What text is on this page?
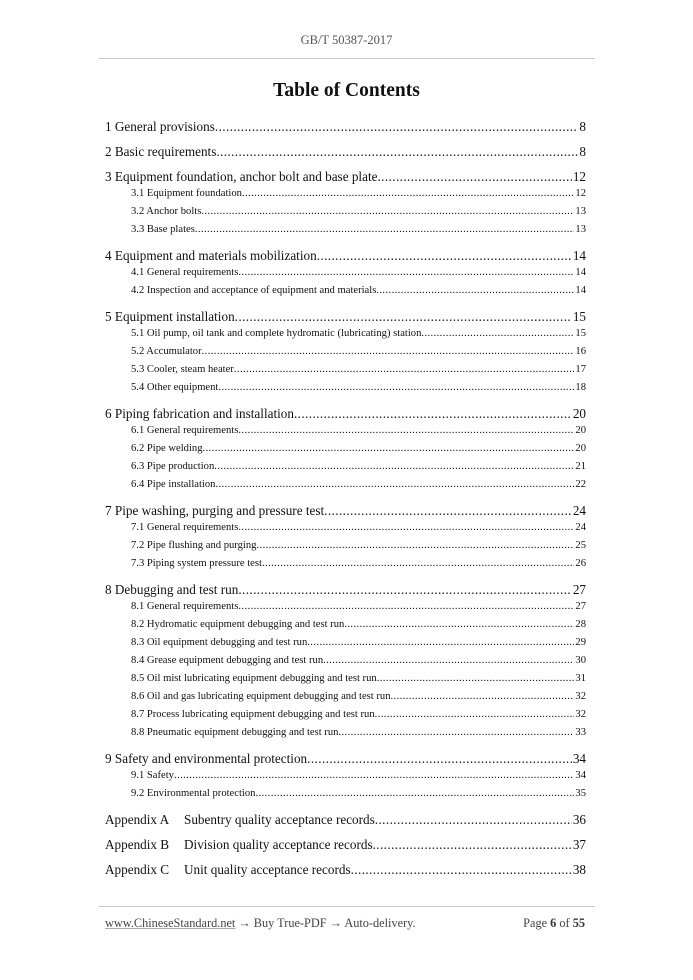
GB/T 50387-2017
Table of Contents
1 General provisions .....	8
2 Basic requirements .....	8
3 Equipment foundation, anchor bolt and base plate .....	12
3.1 Equipment foundation .....	12
3.2 Anchor bolts .....	13
3.3 Base plates .....	13
4 Equipment and materials mobilization .....	14
4.1 General requirements .....	14
4.2 Inspection and acceptance of equipment and materials .....	14
5 Equipment installation .....	15
5.1 Oil pump, oil tank and complete hydromatic (lubricating) station .....	15
5.2 Accumulator .....	16
5.3 Cooler, steam heater .....	17
5.4 Other equipment .....	18
6 Piping fabrication and installation .....	20
6.1 General requirements .....	20
6.2 Pipe welding .....	20
6.3 Pipe production .....	21
6.4 Pipe installation .....	22
7 Pipe washing, purging and pressure test .....	24
7.1 General requirements .....	24
7.2 Pipe flushing and purging .....	25
7.3 Piping system pressure test .....	26
8 Debugging and test run .....	27
8.1 General requirements .....	27
8.2 Hydromatic equipment debugging and test run .....	28
8.3 Oil equipment debugging and test run .....	29
8.4 Grease equipment debugging and test run .....	30
8.5 Oil mist lubricating equipment debugging and test run .....	31
8.6 Oil and gas lubricating equipment debugging and test run .....	32
8.7 Process lubricating equipment debugging and test run .....	32
8.8 Pneumatic equipment debugging and test run .....	33
9 Safety and environmental protection .....	34
9.1 Safety .....	34
9.2 Environmental protection .....	35
Appendix A Subentry quality acceptance records .....	36
Appendix B Division quality acceptance records .....	37
Appendix C Unit quality acceptance records .....	38
www.ChineseStandard.net → Buy True-PDF → Auto-delivery.	Page 6 of 55
